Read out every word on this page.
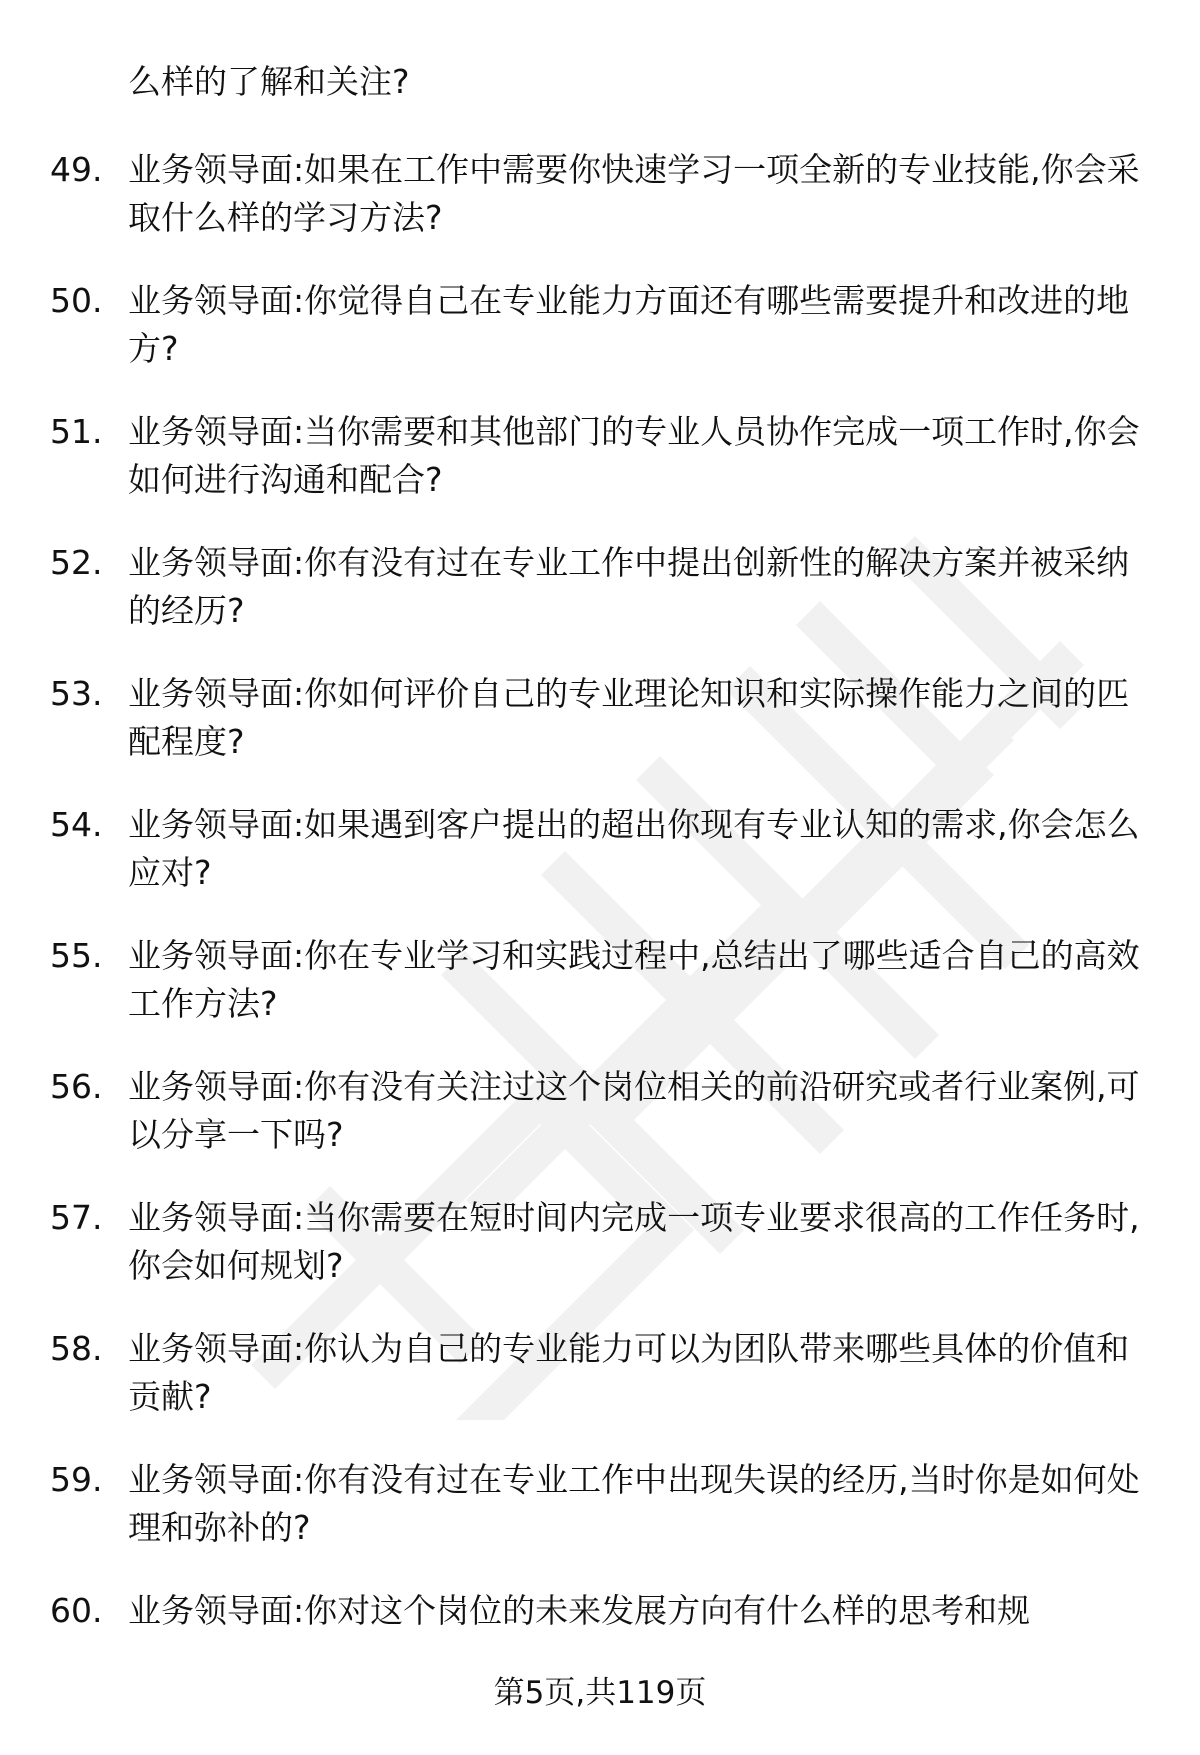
么样的了解和关注?

49. 业务领导面:如果在工作中需要你快速学习一项全新的专业技能,你会采取什么样的学习方法?
50. 业务领导面:你觉得自己在专业能力方面还有哪些需要提升和改进的地方?
51. 业务领导面:当你需要和其他部门的专业人员协作完成一项工作时,你会如何进行沟通和配合?
52. 业务领导面:你有没有过在专业工作中提出创新性的解决方案并被采纳的经历?
53. 业务领导面:你如何评价自己的专业理论知识和实际操作能力之间的匹配程度?
54. 业务领导面:如果遇到客户提出的超出你现有专业认知的需求,你会怎么应对?
55. 业务领导面:你在专业学习和实践过程中,总结出了哪些适合自己的高效工作方法?
56. 业务领导面:你有没有关注过这个岗位相关的前沿研究或者行业案例,可以分享一下吗?
57. 业务领导面:当你需要在短时间内完成一项专业要求很高的工作任务时,你会如何规划?
58. 业务领导面:你认为自己的专业能力可以为团队带来哪些具体的价值和贡献?
59. 业务领导面:你有没有过在专业工作中出现失误的经历,当时你是如何处理和弥补的?
60. 业务领导面:你对这个岗位的未来发展方向有什么样的思考和规
第5页,共119页
